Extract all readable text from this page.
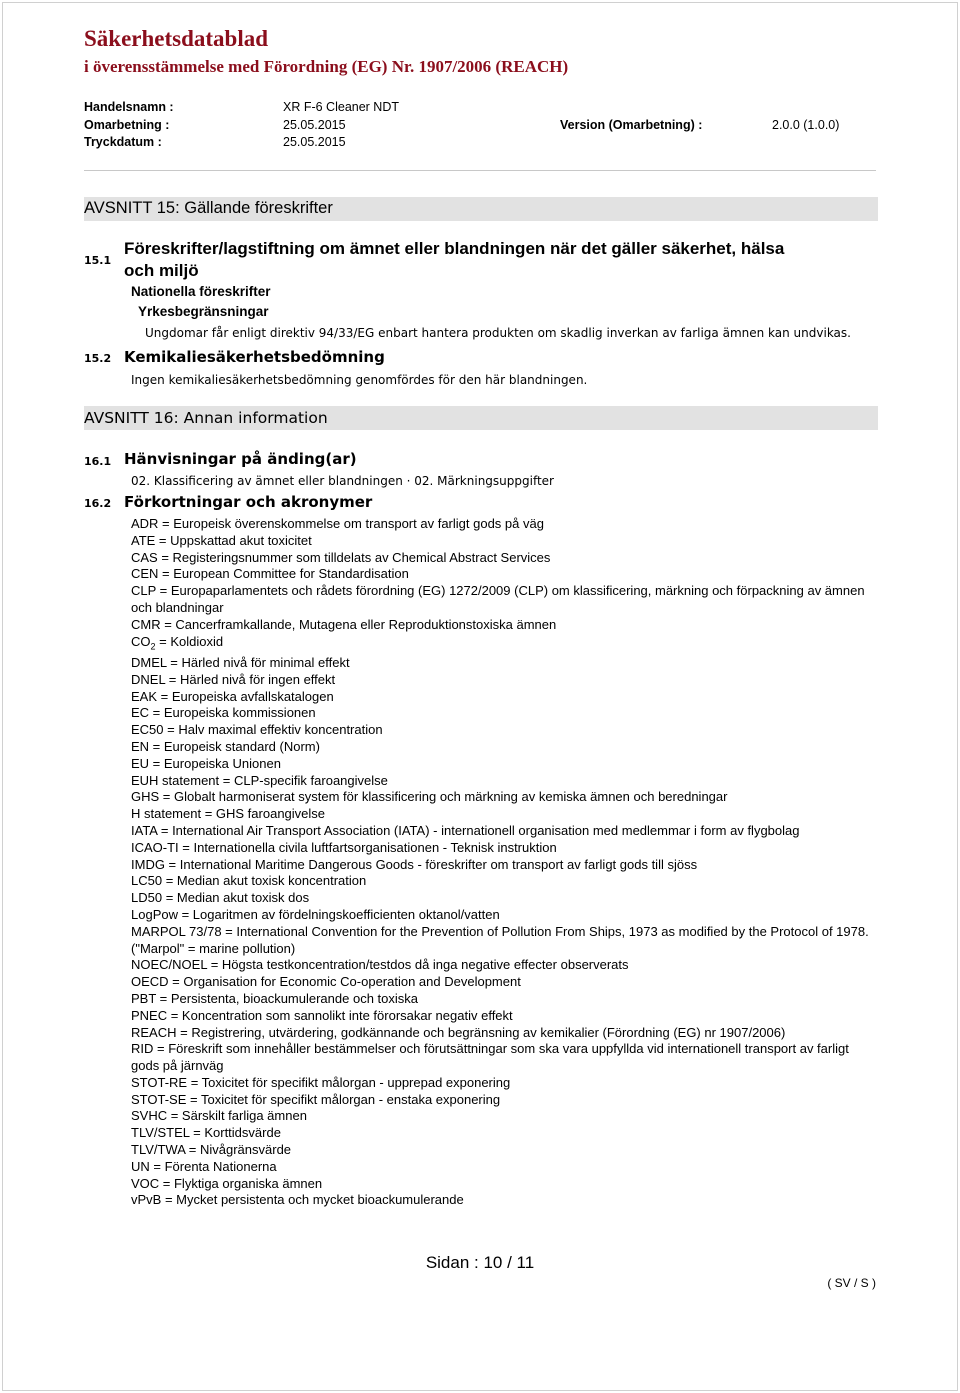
Säkerhetsdatablad
i överensstämmelse med Förordning (EG) Nr. 1907/2006 (REACH)
Handelsnamn :	XR F-6 Cleaner NDT
Omarbetning :	25.05.2015	Version (Omarbetning) :	2.0.0 (1.0.0)
Tryckdatum :	25.05.2015
AVSNITT 15: Gällande föreskrifter
15.1
Föreskrifter/lagstiftning om ämnet eller blandningen när det gäller säkerhet, hälsa
och miljö
Nationella föreskrifter
Yrkesbegränsningar
Ungdomar får enligt direktiv 94/33/EG enbart hantera produkten om skadlig inverkan av farliga ämnen kan undvikas.
15.2 Kemikaliesäkerhetsbedömning
Ingen kemikaliesäkerhetsbedömning genomfördes för den här blandningen.
AVSNITT 16: Annan information
16.1 Hänvisningar på änding(ar)
02. Klassificering av ämnet eller blandningen · 02. Märkningsuppgifter
16.2 Förkortningar och akronymer
ADR = Europeisk överenskommelse om transport av farligt gods på väg
ATE = Uppskattad akut toxicitet
CAS = Registeringsnummer som tilldelats av Chemical Abstract Services
CEN = European Committee for Standardisation
CLP = Europaparlamentets och rådets förordning (EG) 1272/2009 (CLP) om klassificering, märkning och förpackning av ämnen och blandningar
CMR = Cancerframkallande, Mutagena eller Reproduktionstoxiska ämnen
$CO_2$ = Koldioxid
DMEL = Härled nivå för minimal effekt
DNEL = Härled nivå för ingen effekt
EAK = Europeiska avfallskatalogen
EC = Europeiska kommissionen
EC50 = Halv maximal effektiv koncentration
EN = Europeisk standard (Norm)
EU = Europeiska Unionen
EUH statement = CLP-specifik faroangivelse
GHS = Globalt harmoniserat system för klassificering och märkning av kemiska ämnen och beredningar
H statement = GHS faroangivelse
IATA = International Air Transport Association (IATA) - internationell organisation med medlemmar i form av flygbolag
ICAO-TI = Internationella civila luftfartsorganisationen - Teknisk instruktion
IMDG = International Maritime Dangerous Goods - föreskrifter om transport av farligt gods till sjöss
LC50 = Median akut toxisk koncentration
LD50 = Median akut toxisk dos
LogPow = Logaritmen av fördelningskoefficienten oktanol/vatten
MARPOL 73/78 = International Convention for the Prevention of Pollution From Ships, 1973 as modified by the Protocol of 1978. ("Marpol" = marine pollution)
NOEC/NOEL = Högsta testkoncentration/testdos då inga negative effecter observerats
OECD = Organisation for Economic Co-operation and Development
PBT = Persistenta, bioackumulerande och toxiska
PNEC = Koncentration som sannolikt inte förorsakar negativ effekt
REACH = Registrering, utvärdering, godkännande och begränsning av kemikalier (Förordning (EG) nr 1907/2006)
RID = Föreskrift som innehåller bestämmelser och förutsättningar som ska vara uppfyllda vid internationell transport av farligt gods på järnväg
STOT-RE = Toxicitet för specifikt målorgan - upprepad exponering
STOT-SE = Toxicitet för specifikt målorgan - enstaka exponering
SVHC = Särskilt farliga ämnen
TLV/STEL = Korttidsvärde
TLV/TWA = Nivågränsvärde
UN = Förenta Nationerna
VOC = Flyktiga organiska ämnen
vPvB = Mycket persistenta och mycket bioackumulerande
Sidan : 10 / 11
( SV / S )
